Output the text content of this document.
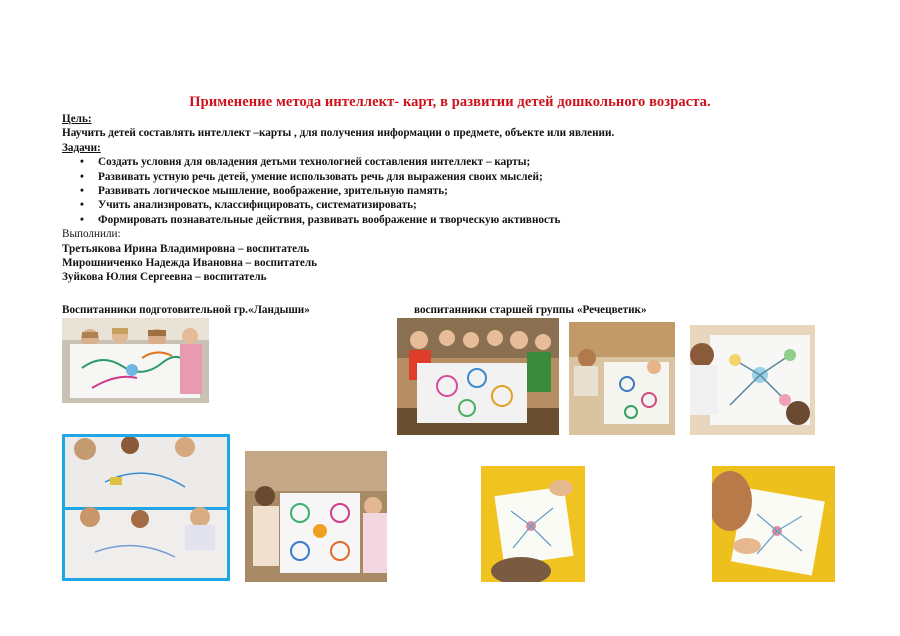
Применение метода интеллект- карт, в развитии детей дошкольного возраста.
Цель:
Научить детей составлять интеллект –карты , для получения информации о предмете, объекте или явлении.
Задачи:
• Создать условия для овладения детьми технологией составления интеллект – карты;
• Развивать устную речь детей, умение использовать речь для выражения своих мыслей;
• Развивать логическое мышление, воображение, зрительную память;
• Учить анализировать, классифицировать, систематизировать;
• Формировать познавательные действия, развивать воображение и творческую активность
Выполнили:
Третьякова Ирина Владимировна – воспитатель
Мирошниченко Надежда Ивановна – воспитатель
Зуйкова Юлия Сергеевна – воспитатель
Воспитанники подготовительной гр.«Ландыши»	воспитанники старшей группы «Речецветик»
